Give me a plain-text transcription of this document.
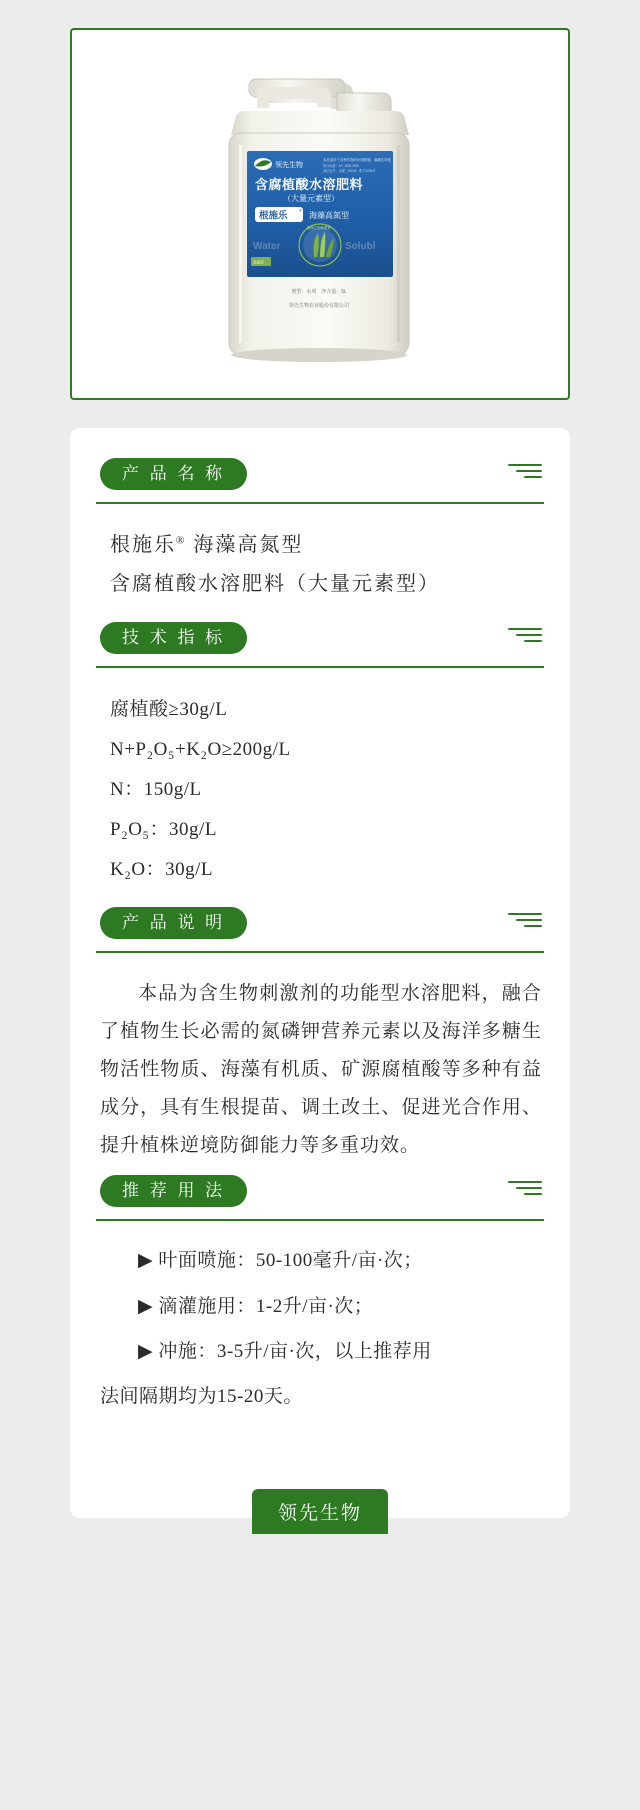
领先生物
本品适用于各种作物的叶面喷施、滴灌及冲施
执行标准：NY 1106-2010
登记证号：农肥（2018）准字1234号
含腐植酸水溶肥料
（大量元素型）
根施乐	®
海藻高氮型
海藻生物刺激剂
Water	Solubl
高氮型
剂型：水剂　净含量：5L
领先生物农业股份有限公司
产 品 名 称
根施乐® 海藻高氮型
含腐植酸水溶肥料（大量元素型）
技 术 指 标
腐植酸≥30g/L
N+P₂O₅+K₂O≥200g/L
N：150g/L
P₂O₅：30g/L
K₂O：30g/L
产 品 说 明
本品为含生物刺激剂的功能型水溶肥料，融合了植物生长必需的氮磷钾营养元素以及海洋多糖生物活性物质、海藻有机质、矿源腐植酸等多种有益成分，具有生根提苗、调土改土、促进光合作用、提升植株逆境防御能力等多重功效。
推 荐 用 法

▶ 叶面喷施：50-100毫升/亩·次；

▶ 滴灌施用：1-2升/亩·次；

▶ 冲施：3-5升/亩·次，以上推荐用

法间隔期均为15-20天。

领先生物
